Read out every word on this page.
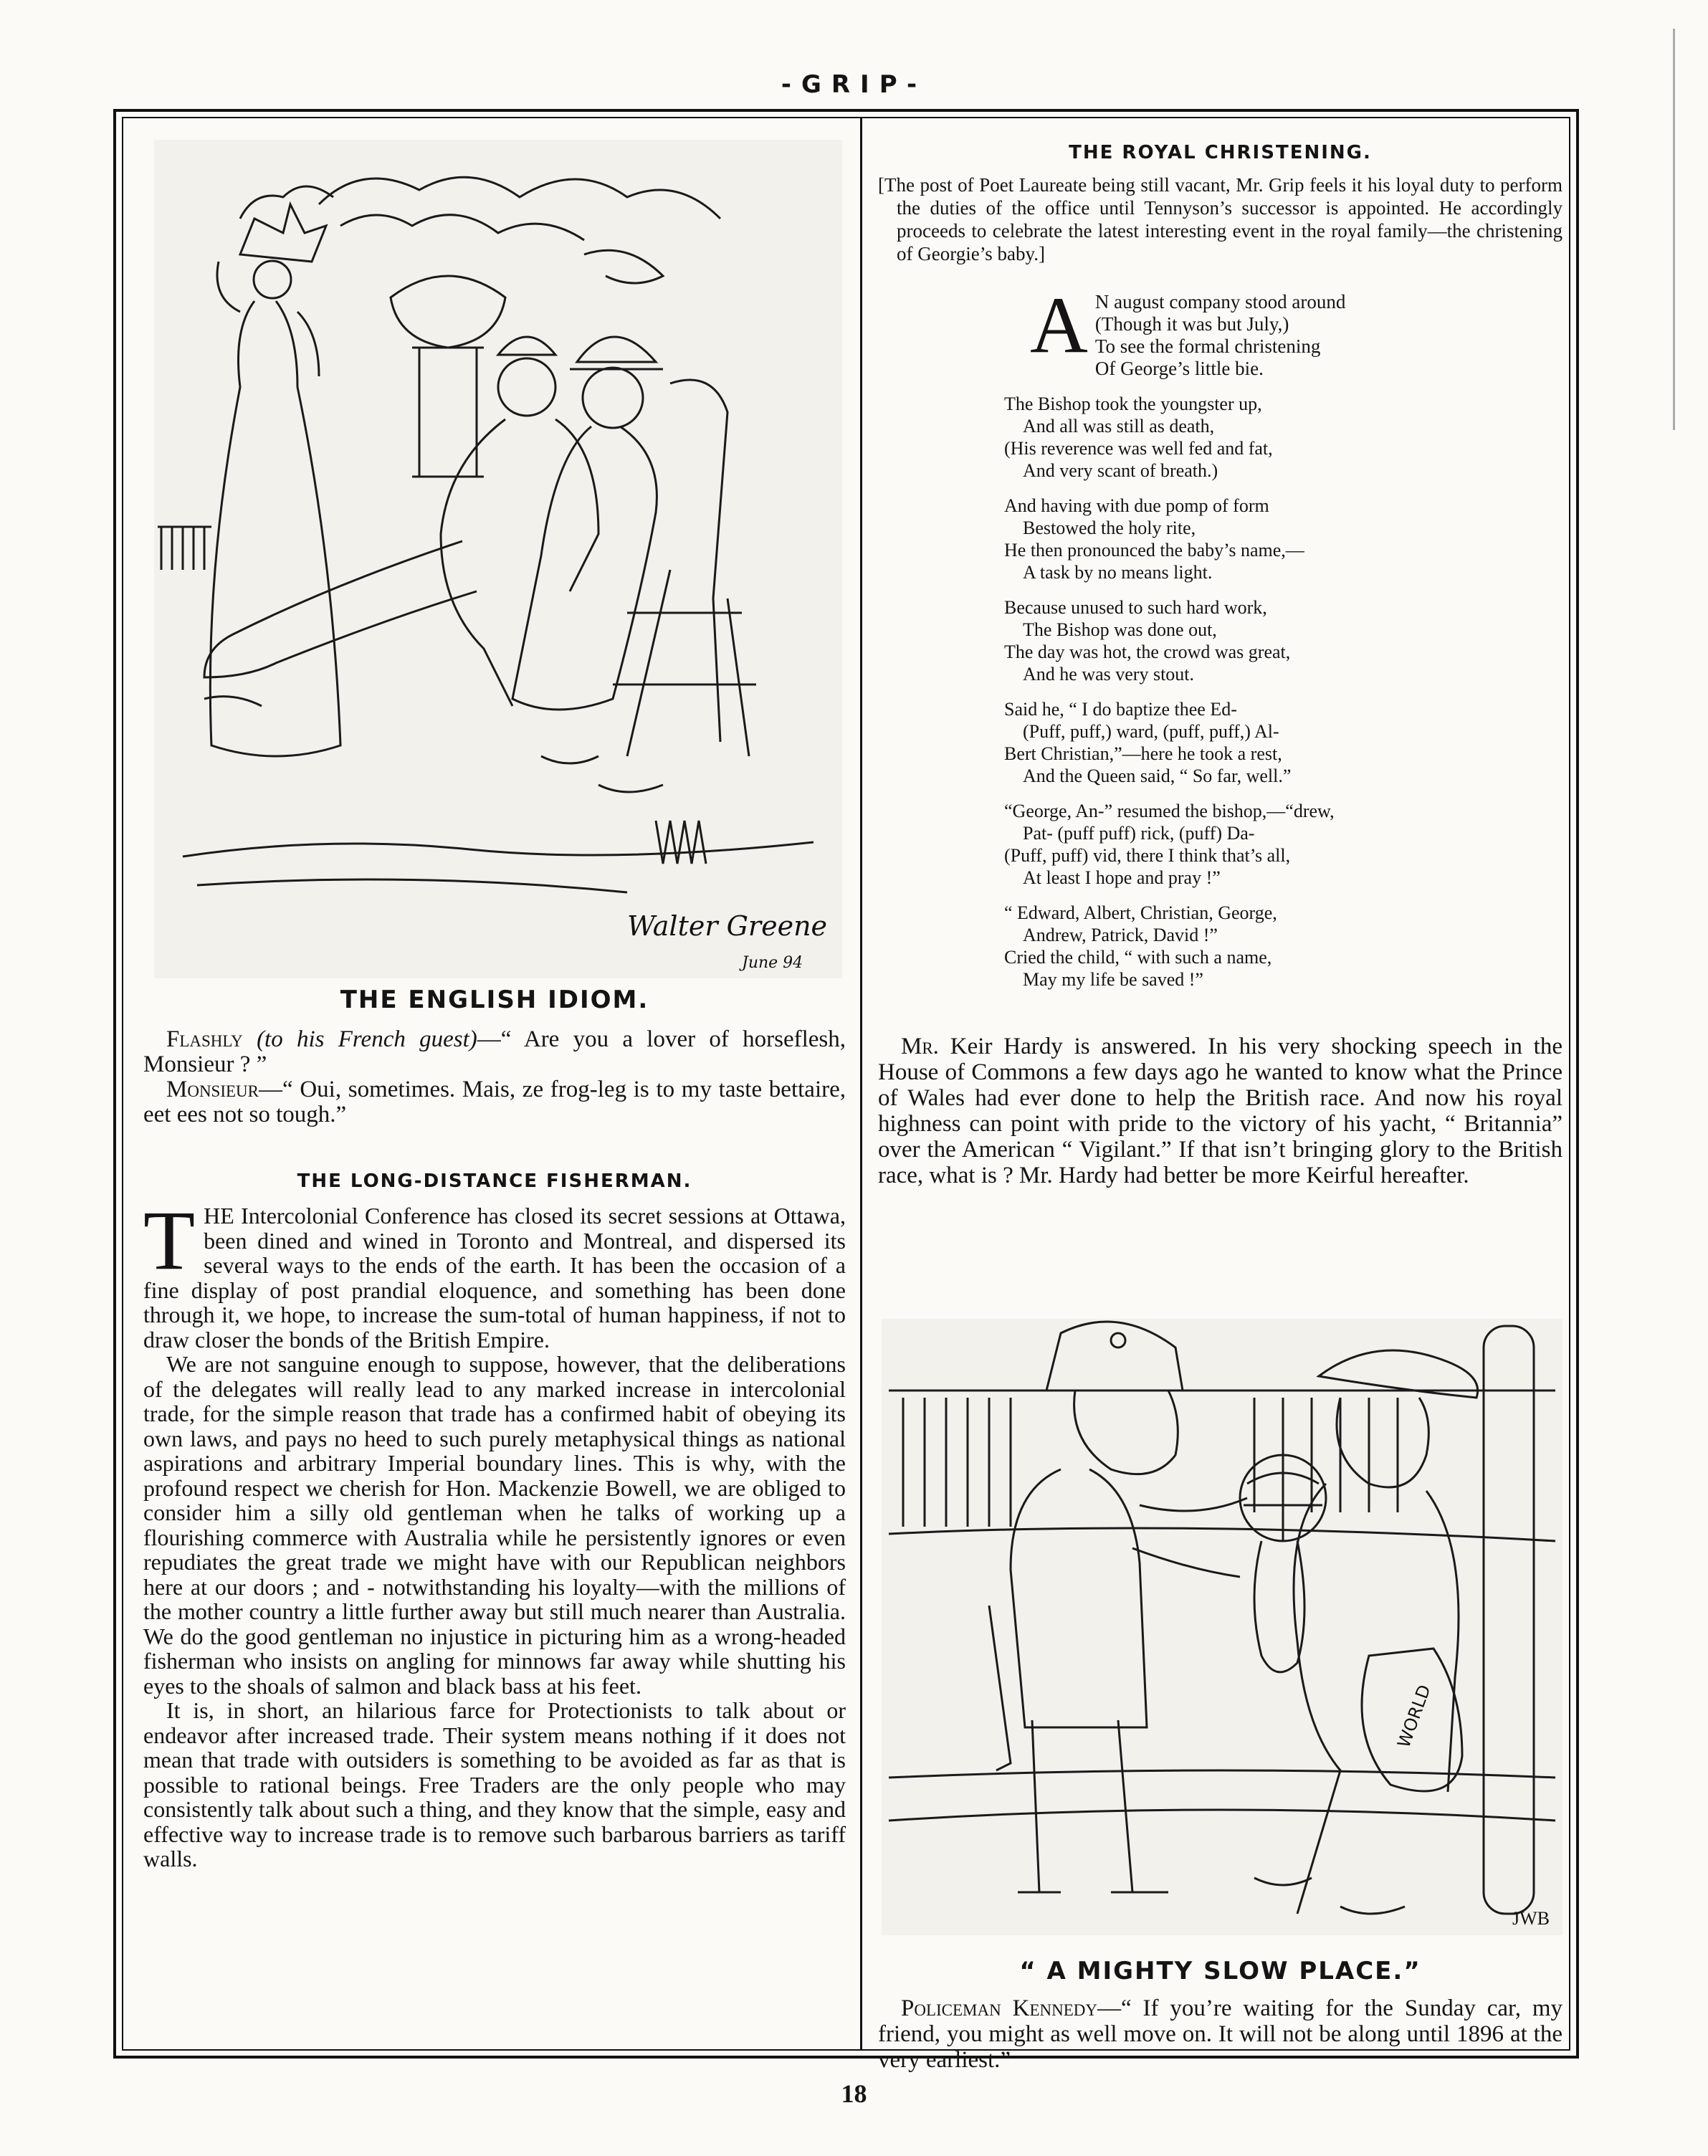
-GRIP-
Walter Greene
June 94
THE ENGLISH IDIOM.

Flashly (to his French guest)—“ Are you a lover of horseflesh, Monsieur ? ”

Monsieur—“ Oui, sometimes. Mais, ze frog-leg is to my taste bettaire, eet ees not so tough.”

THE LONG-DISTANCE FISHERMAN.

THE Intercolonial Conference has closed its secret sessions at Ottawa, been dined and wined in Toronto and Montreal, and dispersed its several ways to the ends of the earth. It has been the occasion of a fine display of post prandial eloquence, and something has been done through it, we hope, to increase the sum-total of human happiness, if not to draw closer the bonds of the British Empire.

We are not sanguine enough to suppose, however, that the deliberations of the delegates will really lead to any marked increase in intercolonial trade, for the simple reason that trade has a confirmed habit of obeying its own laws, and pays no heed to such purely metaphysical things as national aspirations and arbitrary Imperial boundary lines. This is why, with the profound respect we cherish for Hon. Mackenzie Bowell, we are obliged to consider him a silly old gentleman when he talks of working up a flourishing commerce with Australia while he persistently ignores or even repudiates the great trade we might have with our Republican neighbors here at our doors ; and - notwithstanding his loyalty—with the millions of the mother country a little further away but still much nearer than Australia. We do the good gentleman no injustice in picturing him as a wrong-headed fisherman who insists on angling for minnows far away while shutting his eyes to the shoals of salmon and black bass at his feet.

It is, in short, an hilarious farce for Protectionists to talk about or endeavor after increased trade. Their system means nothing if it does not mean that trade with outsiders is something to be avoided as far as that is possible to rational beings. Free Traders are the only people who may consistently talk about such a thing, and they know that the simple, easy and effective way to increase trade is to remove such barbarous barriers as tariff walls.

THE ROYAL CHRISTENING.

[The post of Poet Laureate being still vacant, Mr. Grip feels it his loyal duty to perform the duties of the office until Tennyson’s successor is appointed. He accordingly proceeds to celebrate the latest interesting event in the royal family—the christening of Georgie’s baby.]

A N august company stood around
(Though it was but July,)
To see the formal christening
Of George’s little bie.
The Bishop took the youngster up,
And all was still as death,
(His reverence was well fed and fat,
And very scant of breath.)
And having with due pomp of form
Bestowed the holy rite,
He then pronounced the baby’s name,—
A task by no means light.
Because unused to such hard work,
The Bishop was done out,
The day was hot, the crowd was great,
And he was very stout.
Said he, “ I do baptize thee Ed-
(Puff, puff,) ward, (puff, puff,) Al-
Bert Christian,”—here he took a rest,
And the Queen said, “ So far, well.”
“George, An-” resumed the bishop,—“drew,
Pat- (puff puff) rick, (puff) Da-
(Puff, puff) vid, there I think that’s all,
At least I hope and pray !”
“ Edward, Albert, Christian, George,
Andrew, Patrick, David !”
Cried the child, “ with such a name,
May my life be saved !”

Mr. Keir Hardy is answered. In his very shocking speech in the House of Commons a few days ago he wanted to know what the Prince of Wales had ever done to help the British race. And now his royal highness can point with pride to the victory of his yacht, “ Britannia” over the American “ Vigilant.” If that isn’t bringing glory to the British race, what is ? Mr. Hardy had better be more Keirful hereafter.

WORLD
JWB
“ A MIGHTY SLOW PLACE.”

Policeman Kennedy—“ If you’re waiting for the Sunday car, my friend, you might as well move on. It will not be along until 1896 at the very earliest.”

18
